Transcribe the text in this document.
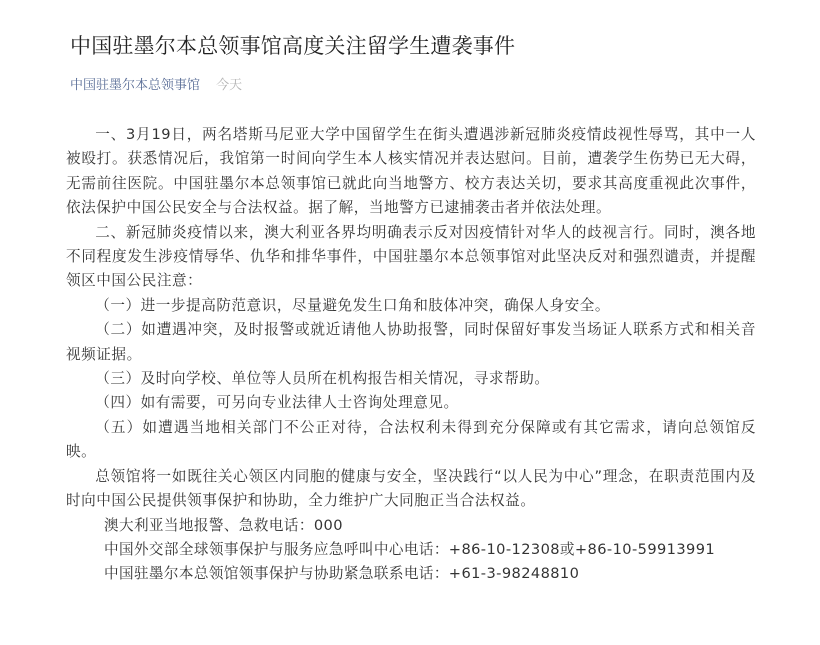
中国驻墨尔本总领事馆高度关注留学生遭袭事件
中国驻墨尔本总领事馆 今天

一、3月19日，两名塔斯马尼亚大学中国留学生在街头遭遇涉新冠肺炎疫情歧视性辱骂，其中一人被殴打。获悉情况后，我馆第一时间向学生本人核实情况并表达慰问。目前，遭袭学生伤势已无大碍，无需前往医院。中国驻墨尔本总领事馆已就此向当地警方、校方表达关切，要求其高度重视此次事件，依法保护中国公民安全与合法权益。据了解，当地警方已逮捕袭击者并依法处理。

二、新冠肺炎疫情以来，澳大利亚各界均明确表示反对因疫情针对华人的歧视言行。同时，澳各地不同程度发生涉疫情辱华、仇华和排华事件，中国驻墨尔本总领事馆对此坚决反对和强烈谴责，并提醒领区中国公民注意：

（一）进一步提高防范意识，尽量避免发生口角和肢体冲突，确保人身安全。

（二）如遭遇冲突，及时报警或就近请他人协助报警，同时保留好事发当场证人联系方式和相关音视频证据。

（三）及时向学校、单位等人员所在机构报告相关情况，寻求帮助。

（四）如有需要，可另向专业法律人士咨询处理意见。

（五）如遭遇当地相关部门不公正对待，合法权利未得到充分保障或有其它需求，请向总领馆反映。

总领馆将一如既往关心领区内同胞的健康与安全，坚决践行“以人民为中心”理念，在职责范围内及时向中国公民提供领事保护和协助，全力维护广大同胞正当合法权益。

澳大利亚当地报警、急救电话：000

中国外交部全球领事保护与服务应急呼叫中心电话：+86-10-12308或+86-10-59913991

中国驻墨尔本总领馆领事保护与协助紧急联系电话：+61-3-98248810
